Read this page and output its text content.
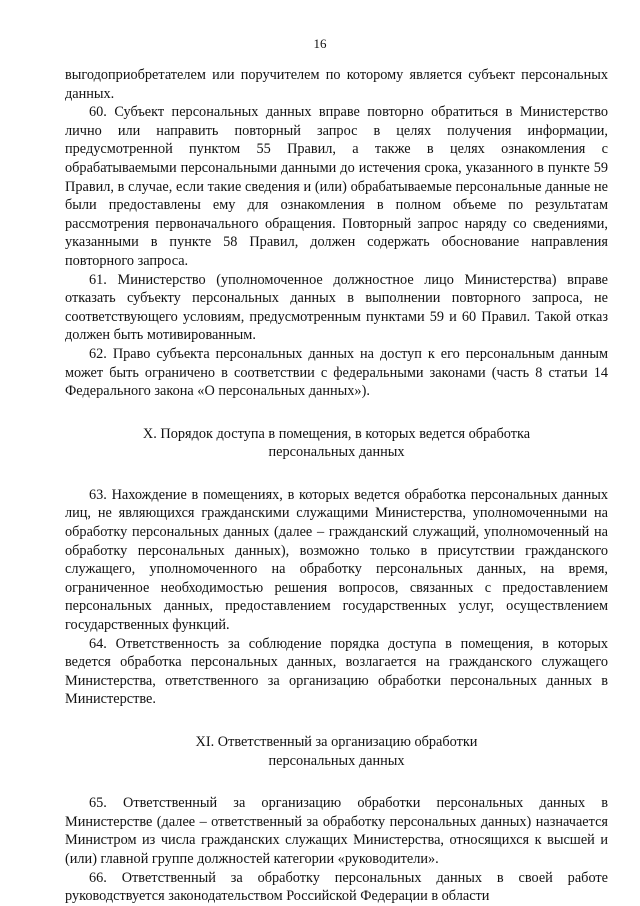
16

выгодоприобретателем или поручителем по которому является субъект персональных данных.

60. Субъект персональных данных вправе повторно обратиться в Министерство лично или направить повторный запрос в целях получения информации, предусмотренной пунктом 55 Правил, а также в целях ознакомления с обрабатываемыми персональными данными до истечения срока, указанного в пункте 59 Правил, в случае, если такие сведения и (или) обрабатываемые персональные данные не были предоставлены ему для ознакомления в полном объеме по результатам рассмотрения первоначального обращения. Повторный запрос наряду со сведениями, указанными в пункте 58 Правил, должен содержать обоснование направления повторного запроса.

61. Министерство (уполномоченное должностное лицо Министерства) вправе отказать субъекту персональных данных в выполнении повторного запроса, не соответствующего условиям, предусмотренным пунктами 59 и 60 Правил. Такой отказ должен быть мотивированным.

62. Право субъекта персональных данных на доступ к его персональным данным может быть ограничено в соответствии с федеральными законами (часть 8 статьи 14 Федерального закона «О персональных данных»).

X. Порядок доступа в помещения, в которых ведется обработка
персональных данных

63. Нахождение в помещениях, в которых ведется обработка персональных данных лиц, не являющихся гражданскими служащими Министерства, уполномоченными на обработку персональных данных (далее – гражданский служащий, уполномоченный на обработку персональных данных), возможно только в присутствии гражданского служащего, уполномоченного на обработку персональных данных, на время, ограниченное необходимостью решения вопросов, связанных с предоставлением персональных данных, предоставлением государственных услуг, осуществлением государственных функций.

64. Ответственность за соблюдение порядка доступа в помещения, в которых ведется обработка персональных данных, возлагается на гражданского служащего Министерства, ответственного за организацию обработки персональных данных в Министерстве.

XI. Ответственный за организацию обработки
персональных данных

65. Ответственный за организацию обработки персональных данных в Министерстве (далее – ответственный за обработку персональных данных) назначается Министром из числа гражданских служащих Министерства, относящихся к высшей и (или) главной группе должностей категории «руководители».

66. Ответственный за обработку персональных данных в своей работе руководствуется законодательством Российской Федерации в области
